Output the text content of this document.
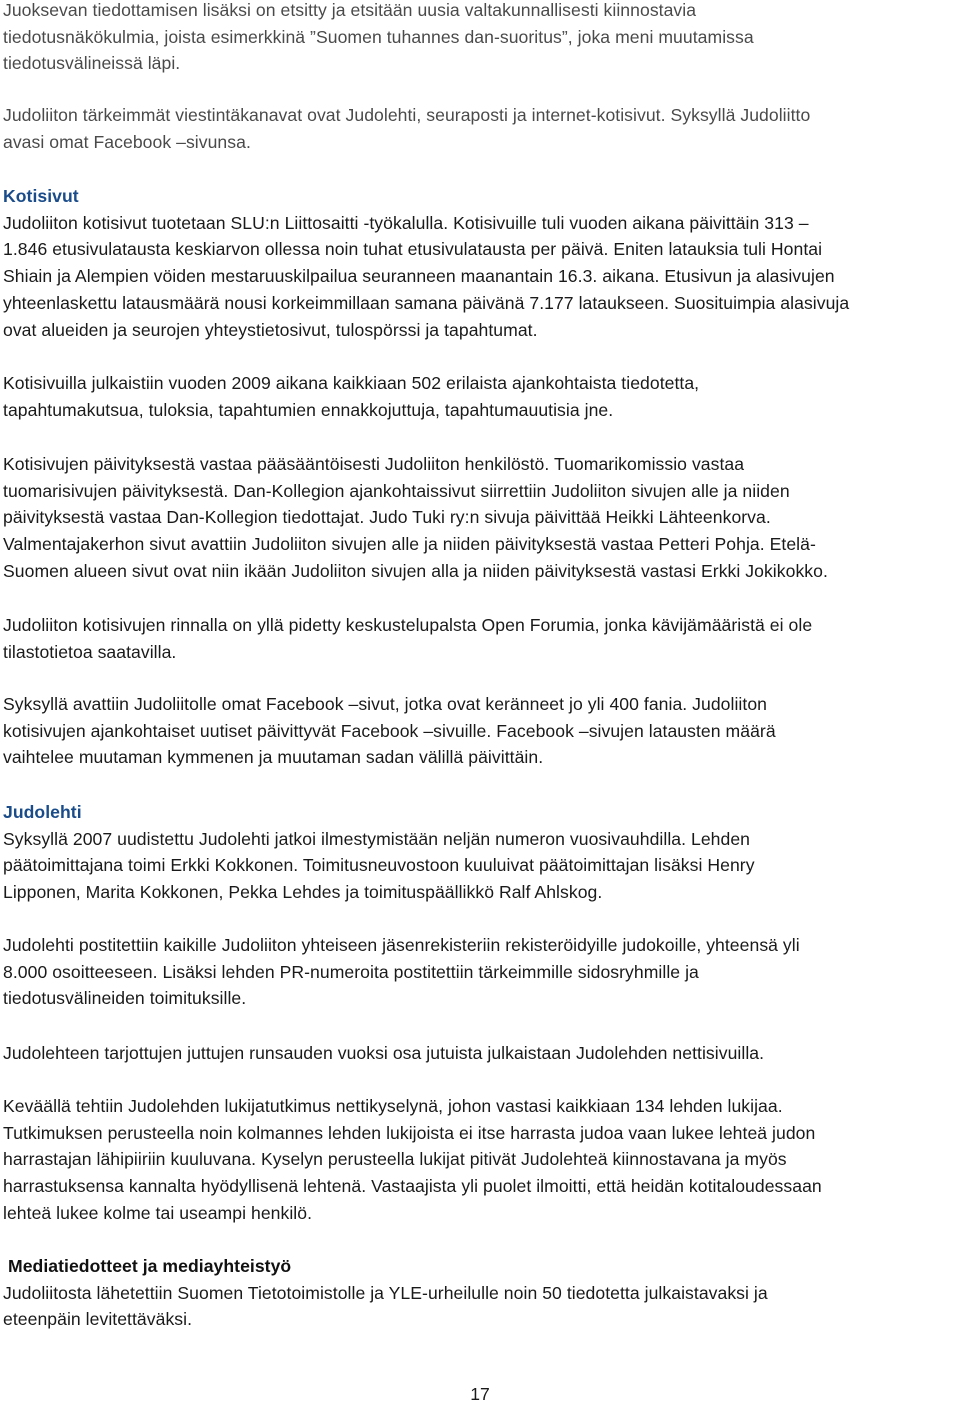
Juoksevan tiedottamisen lisäksi on etsitty ja etsitään uusia valtakunnallisesti kiinnostavia
tiedotusnäkökulmia, joista esimerkkinä ”Suomen tuhannes dan-suoritus”, joka meni muutamissa
tiedotusvälineissä läpi.
Judoliiton tärkeimmät viestintäkanavat ovat Judolehti, seuraposti ja internet-kotisivut. Syksyllä Judoliitto
avasi omat Facebook –sivunsa.
Kotisivut
Judoliiton kotisivut tuotetaan SLU:n Liittosaitti -työkalulla. Kotisivuille tuli vuoden aikana päivittäin 313 –
1.846 etusivulatausta keskiarvon ollessa noin tuhat etusivulatausta per päivä. Eniten latauksia tuli Hontai
Shiain ja Alempien vöiden mestaruuskilpailua seuranneen maanantain 16.3. aikana. Etusivun ja alasivujen
yhteenlaskettu latausmäärä nousi korkeimmillaan samana päivänä 7.177 lataukseen. Suosituimpia alasivuja
ovat alueiden ja seurojen yhteystietosivut, tulospörssi ja tapahtumat.
Kotisivuilla julkaistiin vuoden 2009 aikana kaikkiaan 502 erilaista ajankohtaista tiedotetta,
tapahtumakutsua, tuloksia, tapahtumien ennakkojuttuja, tapahtumauutisia jne.
Kotisivujen päivityksestä vastaa pääsääntöisesti Judoliiton henkilöstö. Tuomarikomissio vastaa
tuomarisivujen päivityksestä. Dan-Kollegion ajankohtaissivut siirrettiin Judoliiton sivujen alle ja niiden
päivityksestä vastaa Dan-Kollegion tiedottajat. Judo Tuki ry:n sivuja päivittää Heikki Lähteenkorva.
Valmentajakerhon sivut avattiin Judoliiton sivujen alle ja niiden päivityksestä vastaa Petteri Pohja. Etelä-
Suomen alueen sivut ovat niin ikään Judoliiton sivujen alla ja niiden päivityksestä vastasi Erkki Jokikokko.
Judoliiton kotisivujen rinnalla on yllä pidetty keskustelupalsta Open Forumia, jonka kävijämääristä ei ole
tilastotietoa saatavilla.
Syksyllä avattiin Judoliitolle omat Facebook –sivut, jotka ovat keränneet jo yli 400 fania. Judoliiton
kotisivujen ajankohtaiset uutiset päivittyvät Facebook –sivuille. Facebook –sivujen latausten määrä
vaihtelee muutaman kymmenen ja muutaman sadan välillä päivittäin.
Judolehti
Syksyllä 2007 uudistettu Judolehti jatkoi ilmestymistään neljän numeron vuosivauhdilla. Lehden
päätoimittajana toimi Erkki Kokkonen. Toimitusneuvostoon kuuluivat päätoimittajan lisäksi Henry
Lipponen, Marita Kokkonen, Pekka Lehdes ja toimituspäällikkö Ralf Ahlskog.
Judolehti postitettiin kaikille Judoliiton yhteiseen jäsenrekisteriin rekisteröidyille judokoille, yhteensä yli
8.000 osoitteeseen. Lisäksi lehden PR-numeroita postitettiin tärkeimmille sidosryhmille ja
tiedotusvälineiden toimituksille.
Judolehteen tarjottujen juttujen runsauden vuoksi osa jutuista julkaistaan Judolehden nettisivuilla.
Keväällä tehtiin Judolehden lukijatutkimus nettikyselynä, johon vastasi kaikkiaan 134 lehden lukijaa.
Tutkimuksen perusteella noin kolmannes lehden lukijoista ei itse harrasta judoa vaan lukee lehteä judon
harrastajan lähipiiriin kuuluvana. Kyselyn perusteella lukijat pitivät Judolehteä kiinnostavana ja myös
harrastuksensa kannalta hyödyllisenä lehtenä. Vastaajista yli puolet ilmoitti, että heidän kotitaloudessaan
lehteä lukee kolme tai useampi henkilö.
Mediatiedotteet ja mediayhteistyö
Judoliitosta lähetettiin Suomen Tietotoimistolle ja YLE-urheilulle noin 50 tiedotetta julkaistavaksi ja
eteenpäin levitettäväksi.
17
